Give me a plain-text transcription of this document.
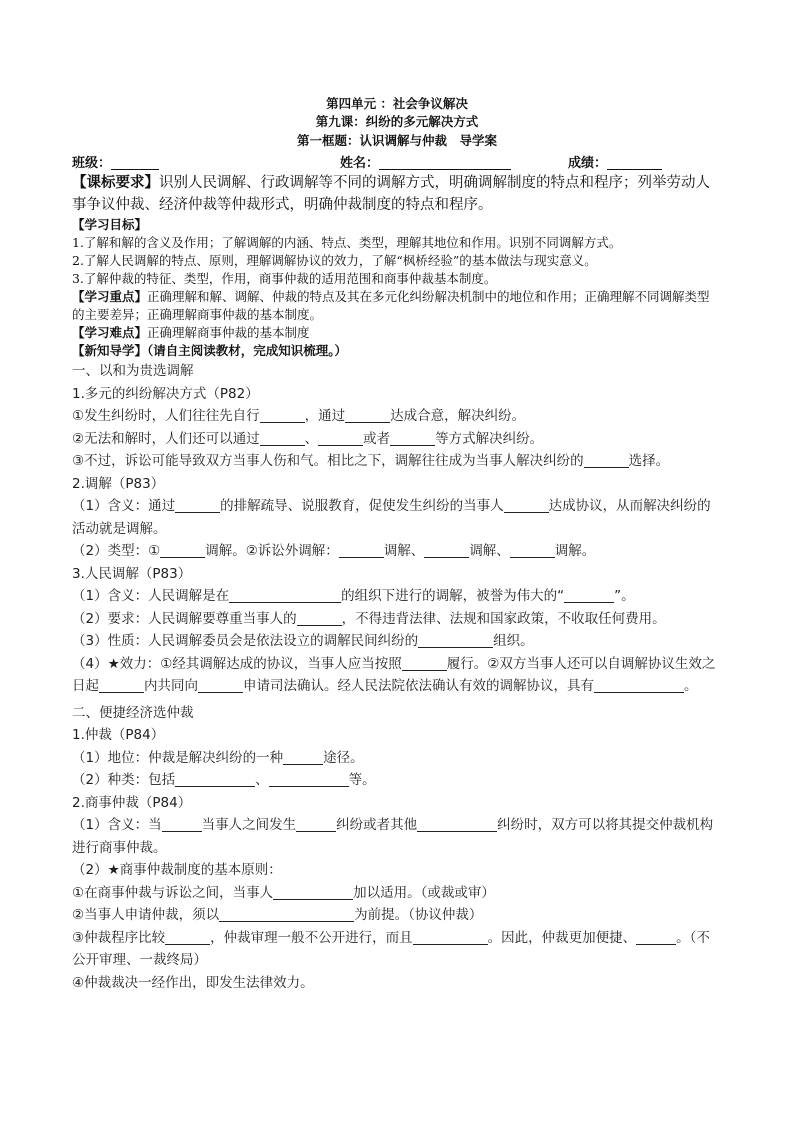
第四单元 ：社会争议解决
第九课：纠纷的多元解决方式
第一框题：认识调解与仲裁　导学案
班级：	姓名：	成绩：

【课标要求】识别人民调解、行政调解等不同的调解方式，明确调解制度的特点和程序；列举劳动人事争议仲裁、经济仲裁等仲裁形式，明确仲裁制度的特点和程序。

【学习目标】

1.了解和解的含义及作用；了解调解的内涵、特点、类型，理解其地位和作用。识别不同调解方式。

2.了解人民调解的特点、原则，理解调解协议的效力，了解“枫桥经验”的基本做法与现实意义。

3.了解仲裁的特征、类型，作用，商事仲裁的适用范围和商事仲裁基本制度。

【学习重点】正确理解和解、调解、仲裁的特点及其在多元化纠纷解决机制中的地位和作用；正确理解不同调解类型的主要差异；正确理解商事仲裁的基本制度。

【学习难点】正确理解商事仲裁的基本制度

【新知导学】（请自主阅读教材，完成知识梳理。）

一、以和为贵选调解

1.多元的纠纷解决方式（P82）

①发生纠纷时，人们往往先自行	，通过	达成合意，解决纠纷。

②无法和解时，人们还可以通过	、	或者	等方式解决纠纷。

③不过，诉讼可能导致双方当事人伤和气。相比之下，调解往往成为当事人解决纠纷的	选择。

2.调解（P83）

（1）含义：通过	的排解疏导、说服教育，促使发生纠纷的当事人	达成协议，从而解决纠纷的活动就是调解。

（2）类型：①	调解。②诉讼外调解：	调解、	调解、	调解。

3.人民调解（P83）

（1）含义：人民调解是在	的组织下进行的调解，被誉为伟大的“	”。

（2）要求：人民调解要尊重当事人的	，不得违背法律、法规和国家政策，不收取任何费用。

（3）性质：人民调解委员会是依法设立的调解民间纠纷的	组织。

（4）★效力：①经其调解达成的协议，当事人应当按照	履行。②双方当事人还可以自调解协议生效之日起	内共同向	申请司法确认。经人民法院依法确认有效的调解协议，具有	。

二、便捷经济选仲裁

1.仲裁（P84）

（1）地位：仲裁是解决纠纷的一种	途径。

（2）种类：包括	、	等。

2.商事仲裁（P84）

（1）含义：当	当事人之间发生	纠纷或者其他	纠纷时，双方可以将其提交仲裁机构进行商事仲裁。

（2）★商事仲裁制度的基本原则：

①在商事仲裁与诉讼之间，当事人	加以适用。（或裁或审）

②当事人申请仲裁，须以	为前提。（协议仲裁）

③仲裁程序比较	，仲裁审理一般不公开进行，而且	。因此，仲裁更加便捷、	。（不公开审理、一裁终局）

④仲裁裁决一经作出，即发生法律效力。
